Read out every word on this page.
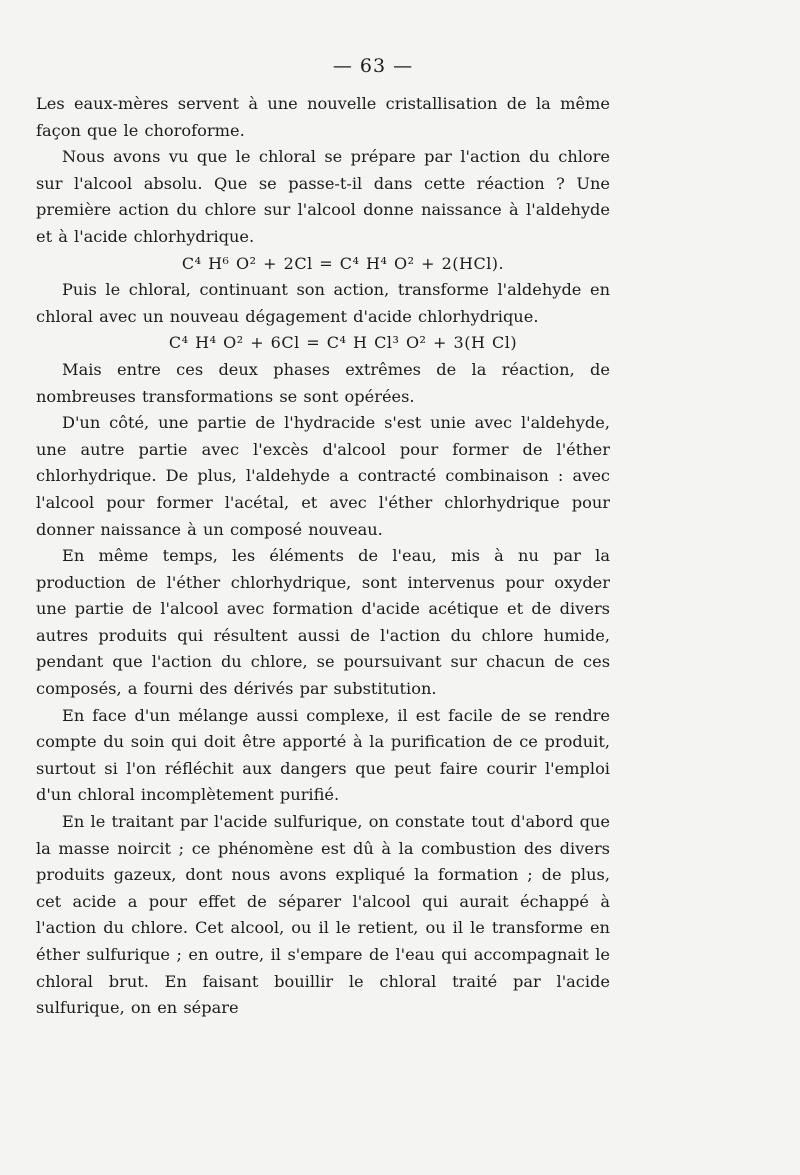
— 63 —

Les eaux-mères servent à une nouvelle cristallisation de la même façon que le choroforme.

Nous avons vu que le chloral se prépare par l'action du chlore sur l'alcool absolu. Que se passe-t-il dans cette réaction ? Une première action du chlore sur l'alcool donne naissance à l'aldehyde et à l'acide chlorhydrique.

C⁴ H⁶ O² + 2Cl = C⁴ H⁴ O² + 2(HCl).

Puis le chloral, continuant son action, transforme l'aldehyde en chloral avec un nouveau dégagement d'acide chlorhydrique.

C⁴ H⁴ O² + 6Cl = C⁴ H Cl³ O² + 3(H Cl)

Mais entre ces deux phases extrêmes de la réaction, de nombreuses transformations se sont opérées.

D'un côté, une partie de l'hydracide s'est unie avec l'aldehyde, une autre partie avec l'excès d'alcool pour former de l'éther chlorhydrique. De plus, l'aldehyde a contracté combinaison : avec l'alcool pour former l'acétal, et avec l'éther chlorhydrique pour donner naissance à un composé nouveau.

En même temps, les éléments de l'eau, mis à nu par la production de l'éther chlorhydrique, sont intervenus pour oxyder une partie de l'alcool avec formation d'acide acétique et de divers autres produits qui résultent aussi de l'action du chlore humide, pendant que l'action du chlore, se poursuivant sur chacun de ces composés, a fourni des dérivés par substitution.

En face d'un mélange aussi complexe, il est facile de se rendre compte du soin qui doit être apporté à la purification de ce produit, surtout si l'on réfléchit aux dangers que peut faire courir l'emploi d'un chloral incomplètement purifié.

En le traitant par l'acide sulfurique, on constate tout d'abord que la masse noircit ; ce phénomène est dû à la combustion des divers produits gazeux, dont nous avons expliqué la formation ; de plus, cet acide a pour effet de séparer l'alcool qui aurait échappé à l'action du chlore. Cet alcool, ou il le retient, ou il le transforme en éther sulfurique ; en outre, il s'empare de l'eau qui accompagnait le chloral brut. En faisant bouillir le chloral traité par l'acide sulfurique, on en sépare
